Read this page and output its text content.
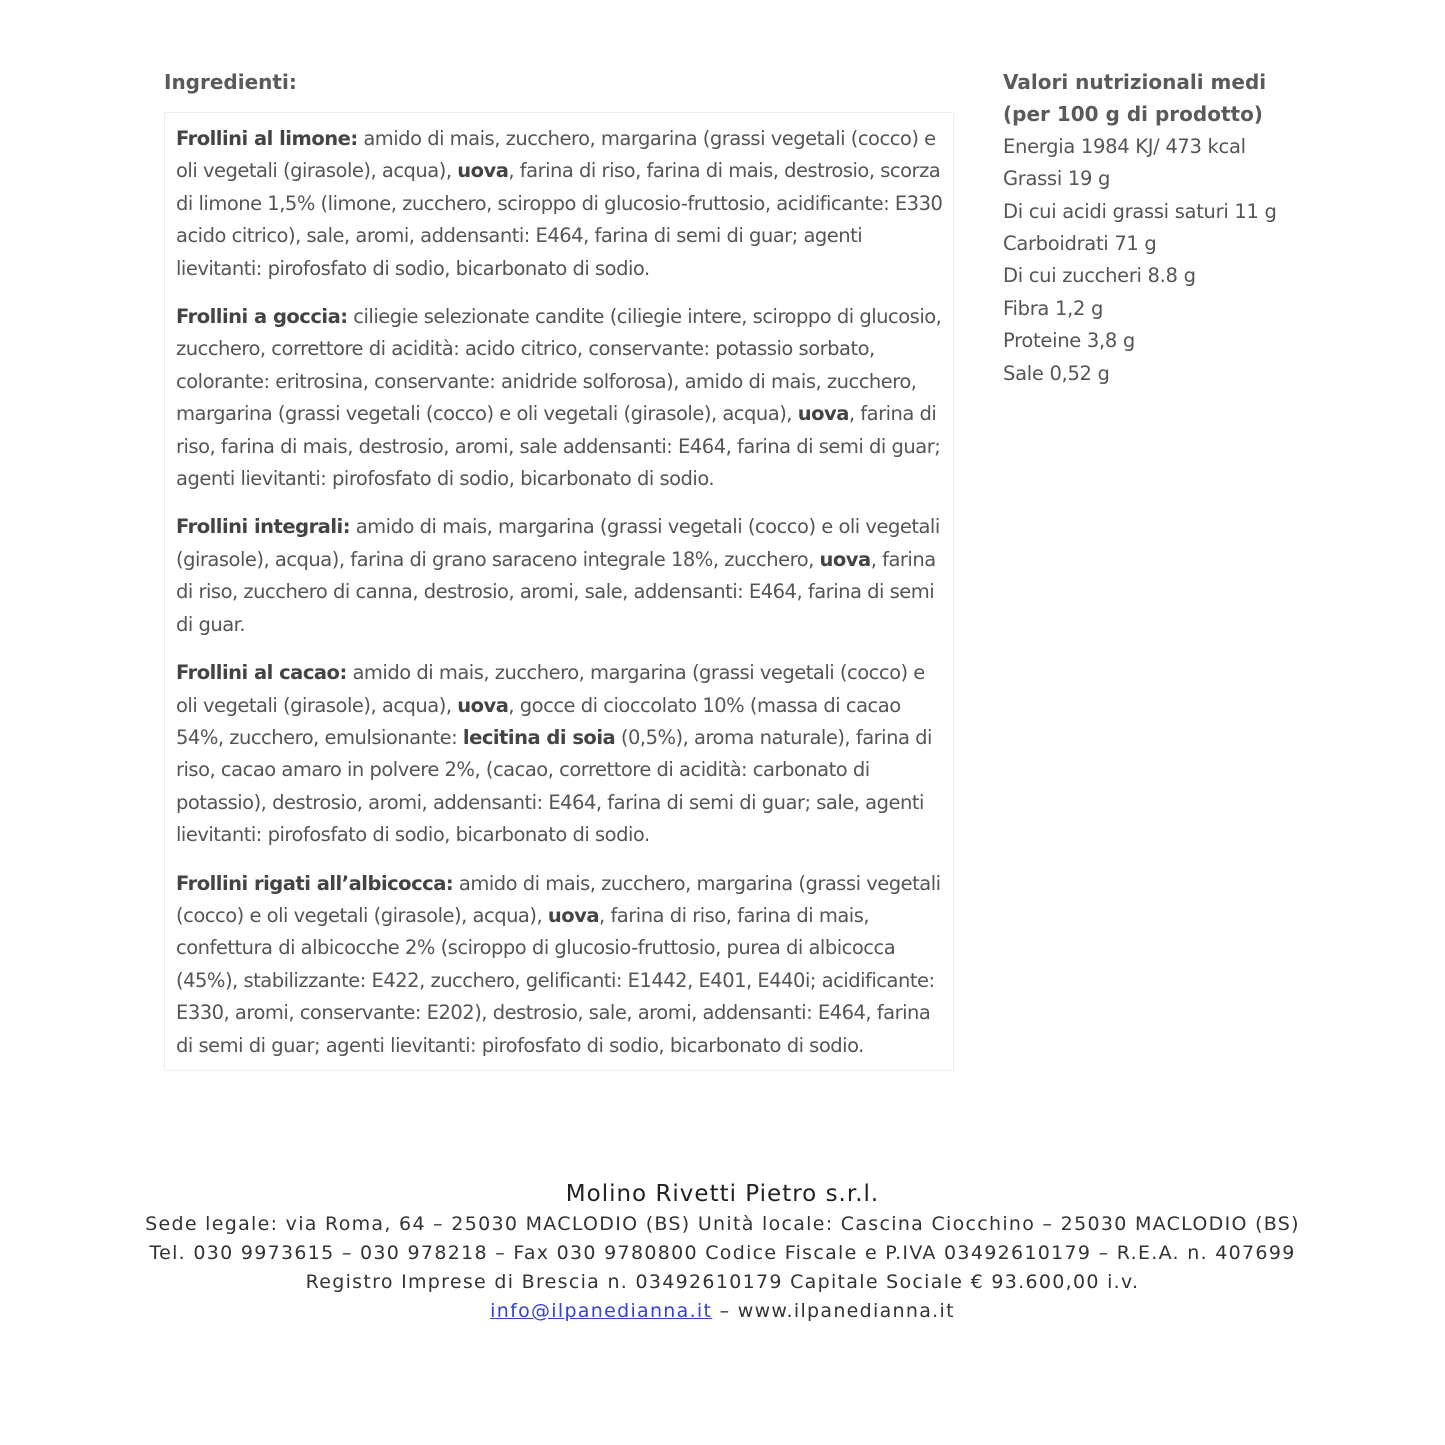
Ingredienti:

Frollini al limone: amido di mais, zucchero, margarina (grassi vegetali (cocco) e oli vegetali (girasole), acqua), uova, farina di riso, farina di mais, destrosio, scorza di limone 1,5% (limone, zucchero, sciroppo di glucosio-fruttosio, acidificante: E330 acido citrico), sale, aromi, addensanti: E464, farina di semi di guar; agenti lievitanti: pirofosfato di sodio, bicarbonato di sodio.

Frollini a goccia: ciliegie selezionate candite (ciliegie intere, sciroppo di glucosio, zucchero, correttore di acidità: acido citrico, conservante: potassio sorbato, colorante: eritrosina, conservante: anidride solforosa), amido di mais, zucchero, margarina (grassi vegetali (cocco) e oli vegetali (girasole), acqua), uova, farina di riso, farina di mais, destrosio, aromi, sale addensanti: E464, farina di semi di guar; agenti lievitanti: pirofosfato di sodio, bicarbonato di sodio.

Frollini integrali: amido di mais, margarina (grassi vegetali (cocco) e oli vegetali (girasole), acqua), farina di grano saraceno integrale 18%, zucchero, uova, farina di riso, zucchero di canna, destrosio, aromi, sale, addensanti: E464, farina di semi di guar.

Frollini al cacao: amido di mais, zucchero, margarina (grassi vegetali (cocco) e oli vegetali (girasole), acqua), uova, gocce di cioccolato 10% (massa di cacao 54%, zucchero, emulsionante: lecitina di soia (0,5%), aroma naturale), farina di riso, cacao amaro in polvere 2%, (cacao, correttore di acidità: carbonato di potassio), destrosio, aromi, addensanti: E464, farina di semi di guar; sale, agenti lievitanti: pirofosfato di sodio, bicarbonato di sodio.

Frollini rigati all’albicocca: amido di mais, zucchero, margarina (grassi vegetali (cocco) e oli vegetali (girasole), acqua), uova, farina di riso, farina di mais, confettura di albicocche 2% (sciroppo di glucosio-fruttosio, purea di albicocca (45%), stabilizzante: E422, zucchero, gelificanti: E1442, E401, E440i; acidificante: E330, aromi, conservante: E202), destrosio, sale, aromi, addensanti: E464, farina di semi di guar; agenti lievitanti: pirofosfato di sodio, bicarbonato di sodio.

Valori nutrizionali medi
(per 100 g di prodotto)
Energia 1984 KJ/ 473 kcal
Grassi 19 g
Di cui acidi grassi saturi 11 g
Carboidrati 71 g
Di cui zuccheri 8.8 g
Fibra 1,2 g
Proteine 3,8 g
Sale 0,52 g
Molino Rivetti Pietro s.r.l.
Sede legale: via Roma, 64 – 25030 MACLODIO (BS) Unità locale: Cascina Ciocchino – 25030 MACLODIO (BS)
Tel. 030 9973615 – 030 978218 – Fax 030 9780800 Codice Fiscale e P.IVA 03492610179 – R.E.A. n. 407699
Registro Imprese di Brescia n. 03492610179 Capitale Sociale € 93.600,00 i.v.
info@ilpanedianna.it – www.ilpanedianna.it
